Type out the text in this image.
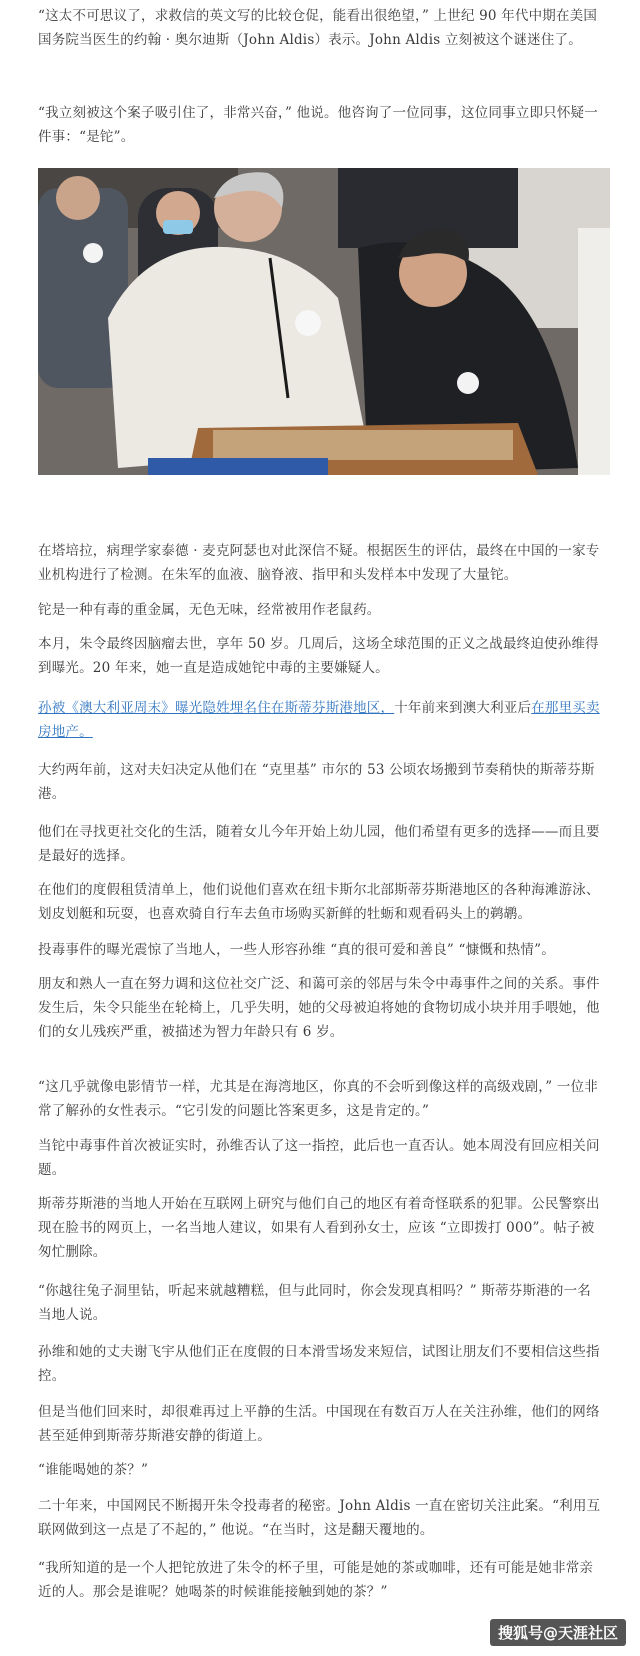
“这太不可思议了，求救信的英文写的比较仓促，能看出很绝望，” 上世纪 90 年代中期在美国国务院当医生的约翰 · 奥尔迪斯（John Aldis）表示。John Aldis 立刻被这个谜迷住了。

“我立刻被这个案子吸引住了，非常兴奋，” 他说。他咨询了一位同事，这位同事立即只怀疑一件事：“是铊”。

在塔培拉，病理学家泰德 · 麦克阿瑟也对此深信不疑。根据医生的评估，最终在中国的一家专业机构进行了检测。在朱军的血液、脑脊液、指甲和头发样本中发现了大量铊。

铊是一种有毒的重金属，无色无味，经常被用作老鼠药。

本月，朱令最终因脑瘤去世，享年 50 岁。几周后，这场全球范围的正义之战最终迫使孙维得到曝光。20 年来，她一直是造成她铊中毒的主要嫌疑人。

孙被《澳大利亚周末》曝光隐姓埋名住在斯蒂芬斯港地区，十年前来到澳大利亚后在那里买卖房地产。

大约两年前，这对夫妇决定从他们在 “克里基” 市尔的 53 公顷农场搬到节奏稍快的斯蒂芬斯港。

他们在寻找更社交化的生活，随着女儿今年开始上幼儿园，他们希望有更多的选择——而且要是最好的选择。

在他们的度假租赁清单上，他们说他们喜欢在纽卡斯尔北部斯蒂芬斯港地区的各种海滩游泳、划皮划艇和玩耍，也喜欢骑自行车去鱼市场购买新鲜的牡蛎和观看码头上的鹈鹕。

投毒事件的曝光震惊了当地人，一些人形容孙维 “真的很可爱和善良” “慷慨和热情”。

朋友和熟人一直在努力调和这位社交广泛、和蔼可亲的邻居与朱令中毒事件之间的关系。事件发生后，朱令只能坐在轮椅上，几乎失明，她的父母被迫将她的食物切成小块并用手喂她，他们的女儿残疾严重，被描述为智力年龄只有 6 岁。

“这几乎就像电影情节一样，尤其是在海湾地区，你真的不会听到像这样的高级戏剧，” 一位非常了解孙的女性表示。“它引发的问题比答案更多，这是肯定的。”

当铊中毒事件首次被证实时，孙维否认了这一指控，此后也一直否认。她本周没有回应相关问题。

斯蒂芬斯港的当地人开始在互联网上研究与他们自己的地区有着奇怪联系的犯罪。公民警察出现在脸书的网页上，一名当地人建议，如果有人看到孙女士，应该 “立即拨打 000”。帖子被匆忙删除。

“你越往兔子洞里钻，听起来就越糟糕，但与此同时，你会发现真相吗？” 斯蒂芬斯港的一名当地人说。

孙维和她的丈夫谢飞宇从他们正在度假的日本滑雪场发来短信，试图让朋友们不要相信这些指控。

但是当他们回来时，却很难再过上平静的生活。中国现在有数百万人在关注孙维，他们的网络甚至延伸到斯蒂芬斯港安静的街道上。

“谁能喝她的茶？”

二十年来，中国网民不断揭开朱令投毒者的秘密。John Aldis 一直在密切关注此案。“利用互联网做到这一点是了不起的，” 他说。“在当时，这是翻天覆地的。

“我所知道的是一个人把铊放进了朱令的杯子里，可能是她的茶或咖啡，还有可能是她非常亲近的人。那会是谁呢？她喝茶的时候谁能接触到她的茶？”

搜狐号@天涯社区
